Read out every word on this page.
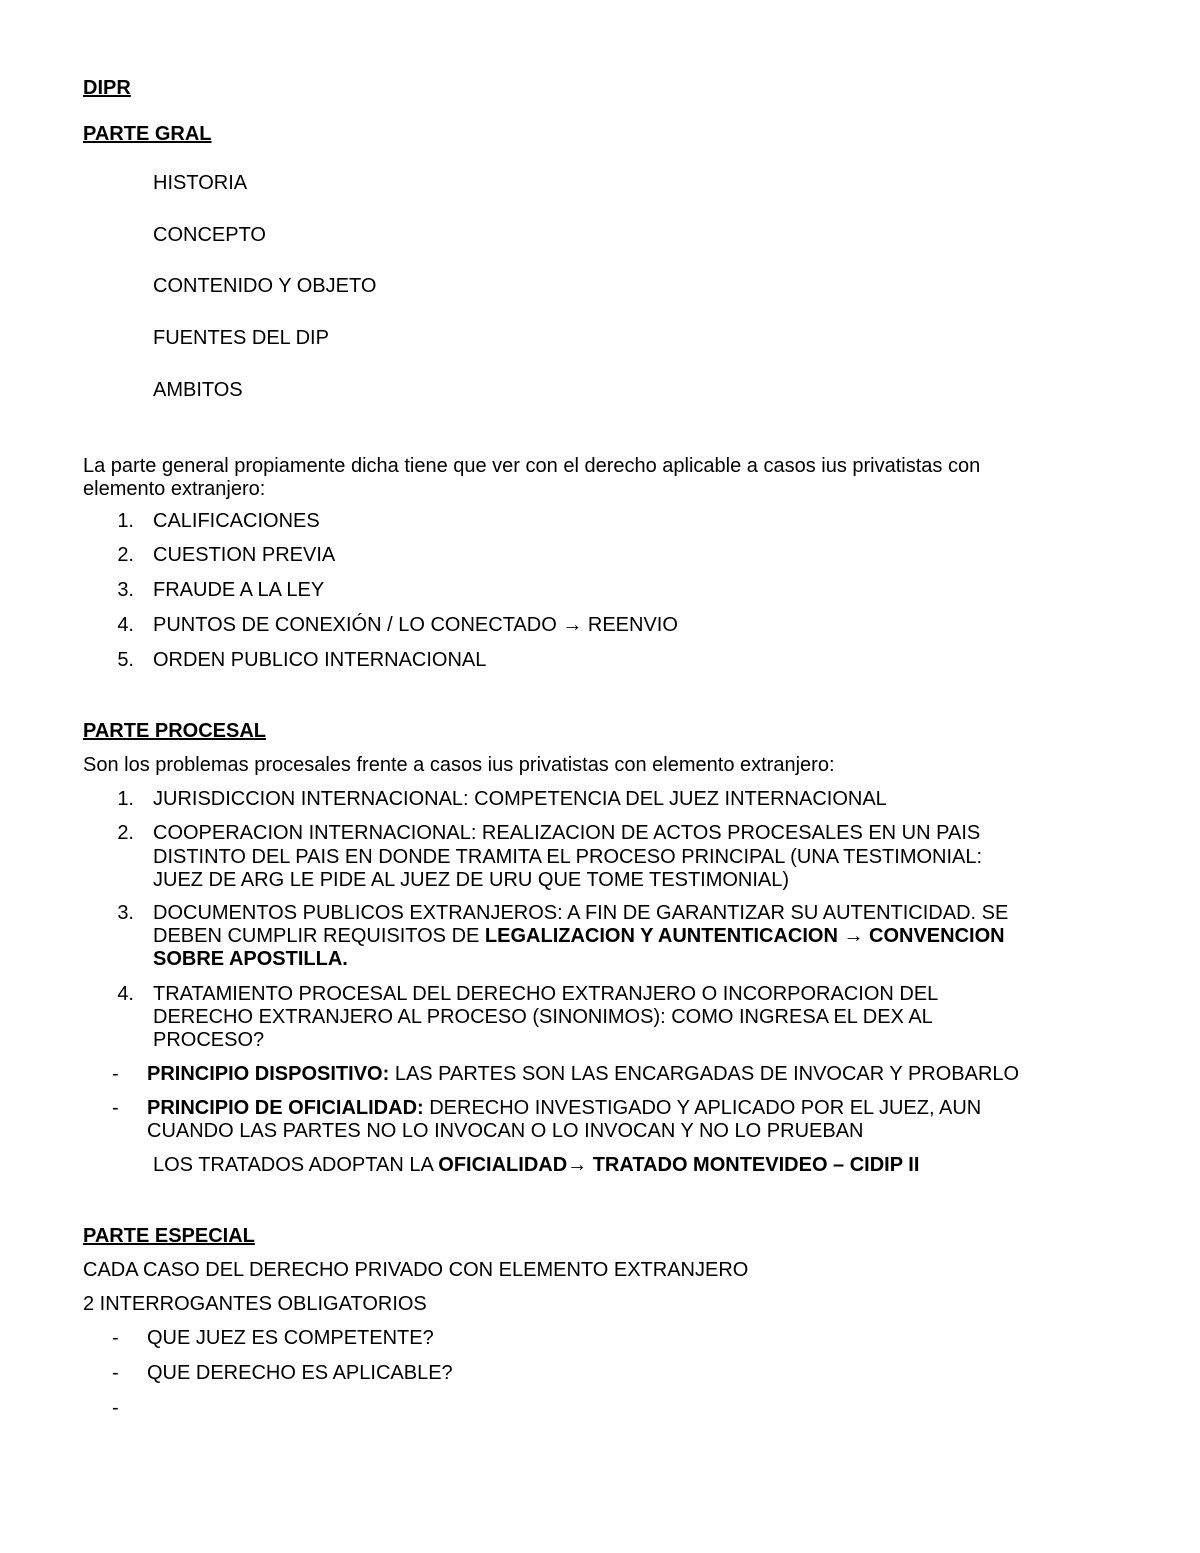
DIPR
PARTE GRAL
HISTORIA
CONCEPTO
CONTENIDO Y OBJETO
FUENTES DEL DIP
AMBITOS
La parte general propiamente dicha tiene que ver con el derecho aplicable a casos ius privatistas con
elemento extranjero:
1. CALIFICACIONES
2. CUESTION PREVIA
3. FRAUDE A LA LEY
4. PUNTOS DE CONEXIÓN / LO CONECTADO → REENVIO
5. ORDEN PUBLICO INTERNACIONAL
PARTE PROCESAL
Son los problemas procesales frente a casos ius privatistas con elemento extranjero:
1. JURISDICCION INTERNACIONAL: COMPETENCIA DEL JUEZ INTERNACIONAL
2. COOPERACION INTERNACIONAL: REALIZACION DE ACTOS PROCESALES EN UN PAIS
DISTINTO DEL PAIS EN DONDE TRAMITA EL PROCESO PRINCIPAL (UNA TESTIMONIAL:
JUEZ DE ARG LE PIDE AL JUEZ DE URU QUE TOME TESTIMONIAL)
3. DOCUMENTOS PUBLICOS EXTRANJEROS: A FIN DE GARANTIZAR SU AUTENTICIDAD. SE
DEBEN CUMPLIR REQUISITOS DE LEGALIZACION Y AUNTENTICACION → CONVENCION
SOBRE APOSTILLA.
4. TRATAMIENTO PROCESAL DEL DERECHO EXTRANJERO O INCORPORACION DEL
DERECHO EXTRANJERO AL PROCESO (SINONIMOS): COMO INGRESA EL DEX AL
PROCESO?
- PRINCIPIO DISPOSITIVO: LAS PARTES SON LAS ENCARGADAS DE INVOCAR Y PROBARLO
- PRINCIPIO DE OFICIALIDAD: DERECHO INVESTIGADO Y APLICADO POR EL JUEZ, AUN
CUANDO LAS PARTES NO LO INVOCAN O LO INVOCAN Y NO LO PRUEBAN
LOS TRATADOS ADOPTAN LA OFICIALIDAD→ TRATADO MONTEVIDEO – CIDIP II
PARTE ESPECIAL
CADA CASO DEL DERECHO PRIVADO CON ELEMENTO EXTRANJERO
2 INTERROGANTES OBLIGATORIOS
- QUE JUEZ ES COMPETENTE?
- QUE DERECHO ES APLICABLE?
-
